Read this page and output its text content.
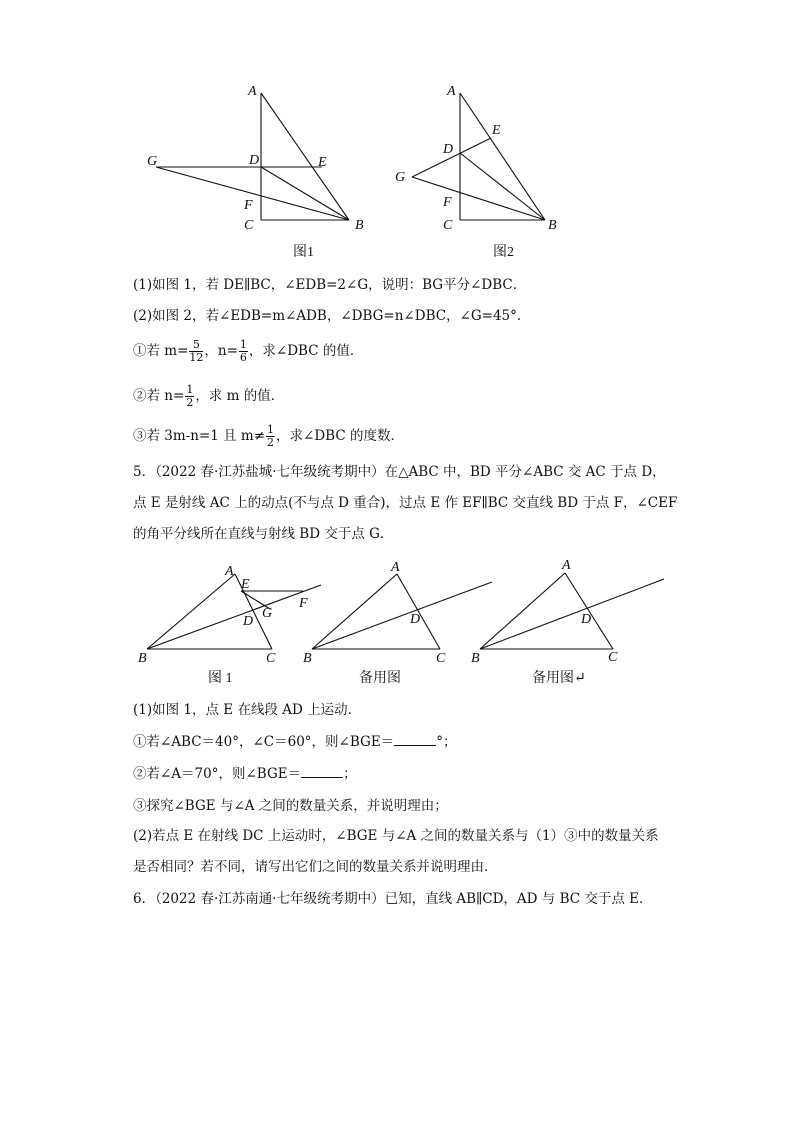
A
D	E
G
F
C	B
图1
A
E
D
G
F
C	B
图2
(1)如图 1，若 DE∥BC，∠EDB=2∠G，说明：BG平分∠DBC．
(2)如图 2，若∠EDB=m∠ADB，∠DBG=n∠DBC，∠G=45°．
①若 $m= \frac{5}{12}$ ，$n= \frac{1}{6}$ ，求∠DBC 的值．
②若 $n= \frac{1}{2}$ ，求 m 的值．
③若 3m-n=1 且 $m\ne \frac{1}{2}$ ，求∠DBC 的度数．
5．（2022 春·江苏盐城·七年级统考期中）在△ABC 中，BD 平分∠ABC 交 AC 于点 D，
点 E 是射线 AC 上的动点(不与点 D 重合)，过点 E 作 EF∥BC 交直线 BD 于点 F，∠CEF
的角平分线所在直线与射线 BD 交于点 G．
A
E
G
F
D
B	C
图 1
A
D
B	C
备用图
A
D
B	C
备用图↵
(1)如图 1，点 E 在线段 AD 上运动．
①若∠ABC＝40°，∠C＝60°，则∠BGE＝	°；
②若∠A＝70°，则∠BGE＝	；
③探究∠BGE 与∠A 之间的数量关系，并说明理由；
(2)若点 E 在射线 DC 上运动时，∠BGE 与∠A 之间的数量关系与（1）③中的数量关系
是否相同？若不同，请写出它们之间的数量关系并说明理由．
6．（2022 春·江苏南通·七年级统考期中）已知，直线 AB∥CD，AD 与 BC 交于点 E．
